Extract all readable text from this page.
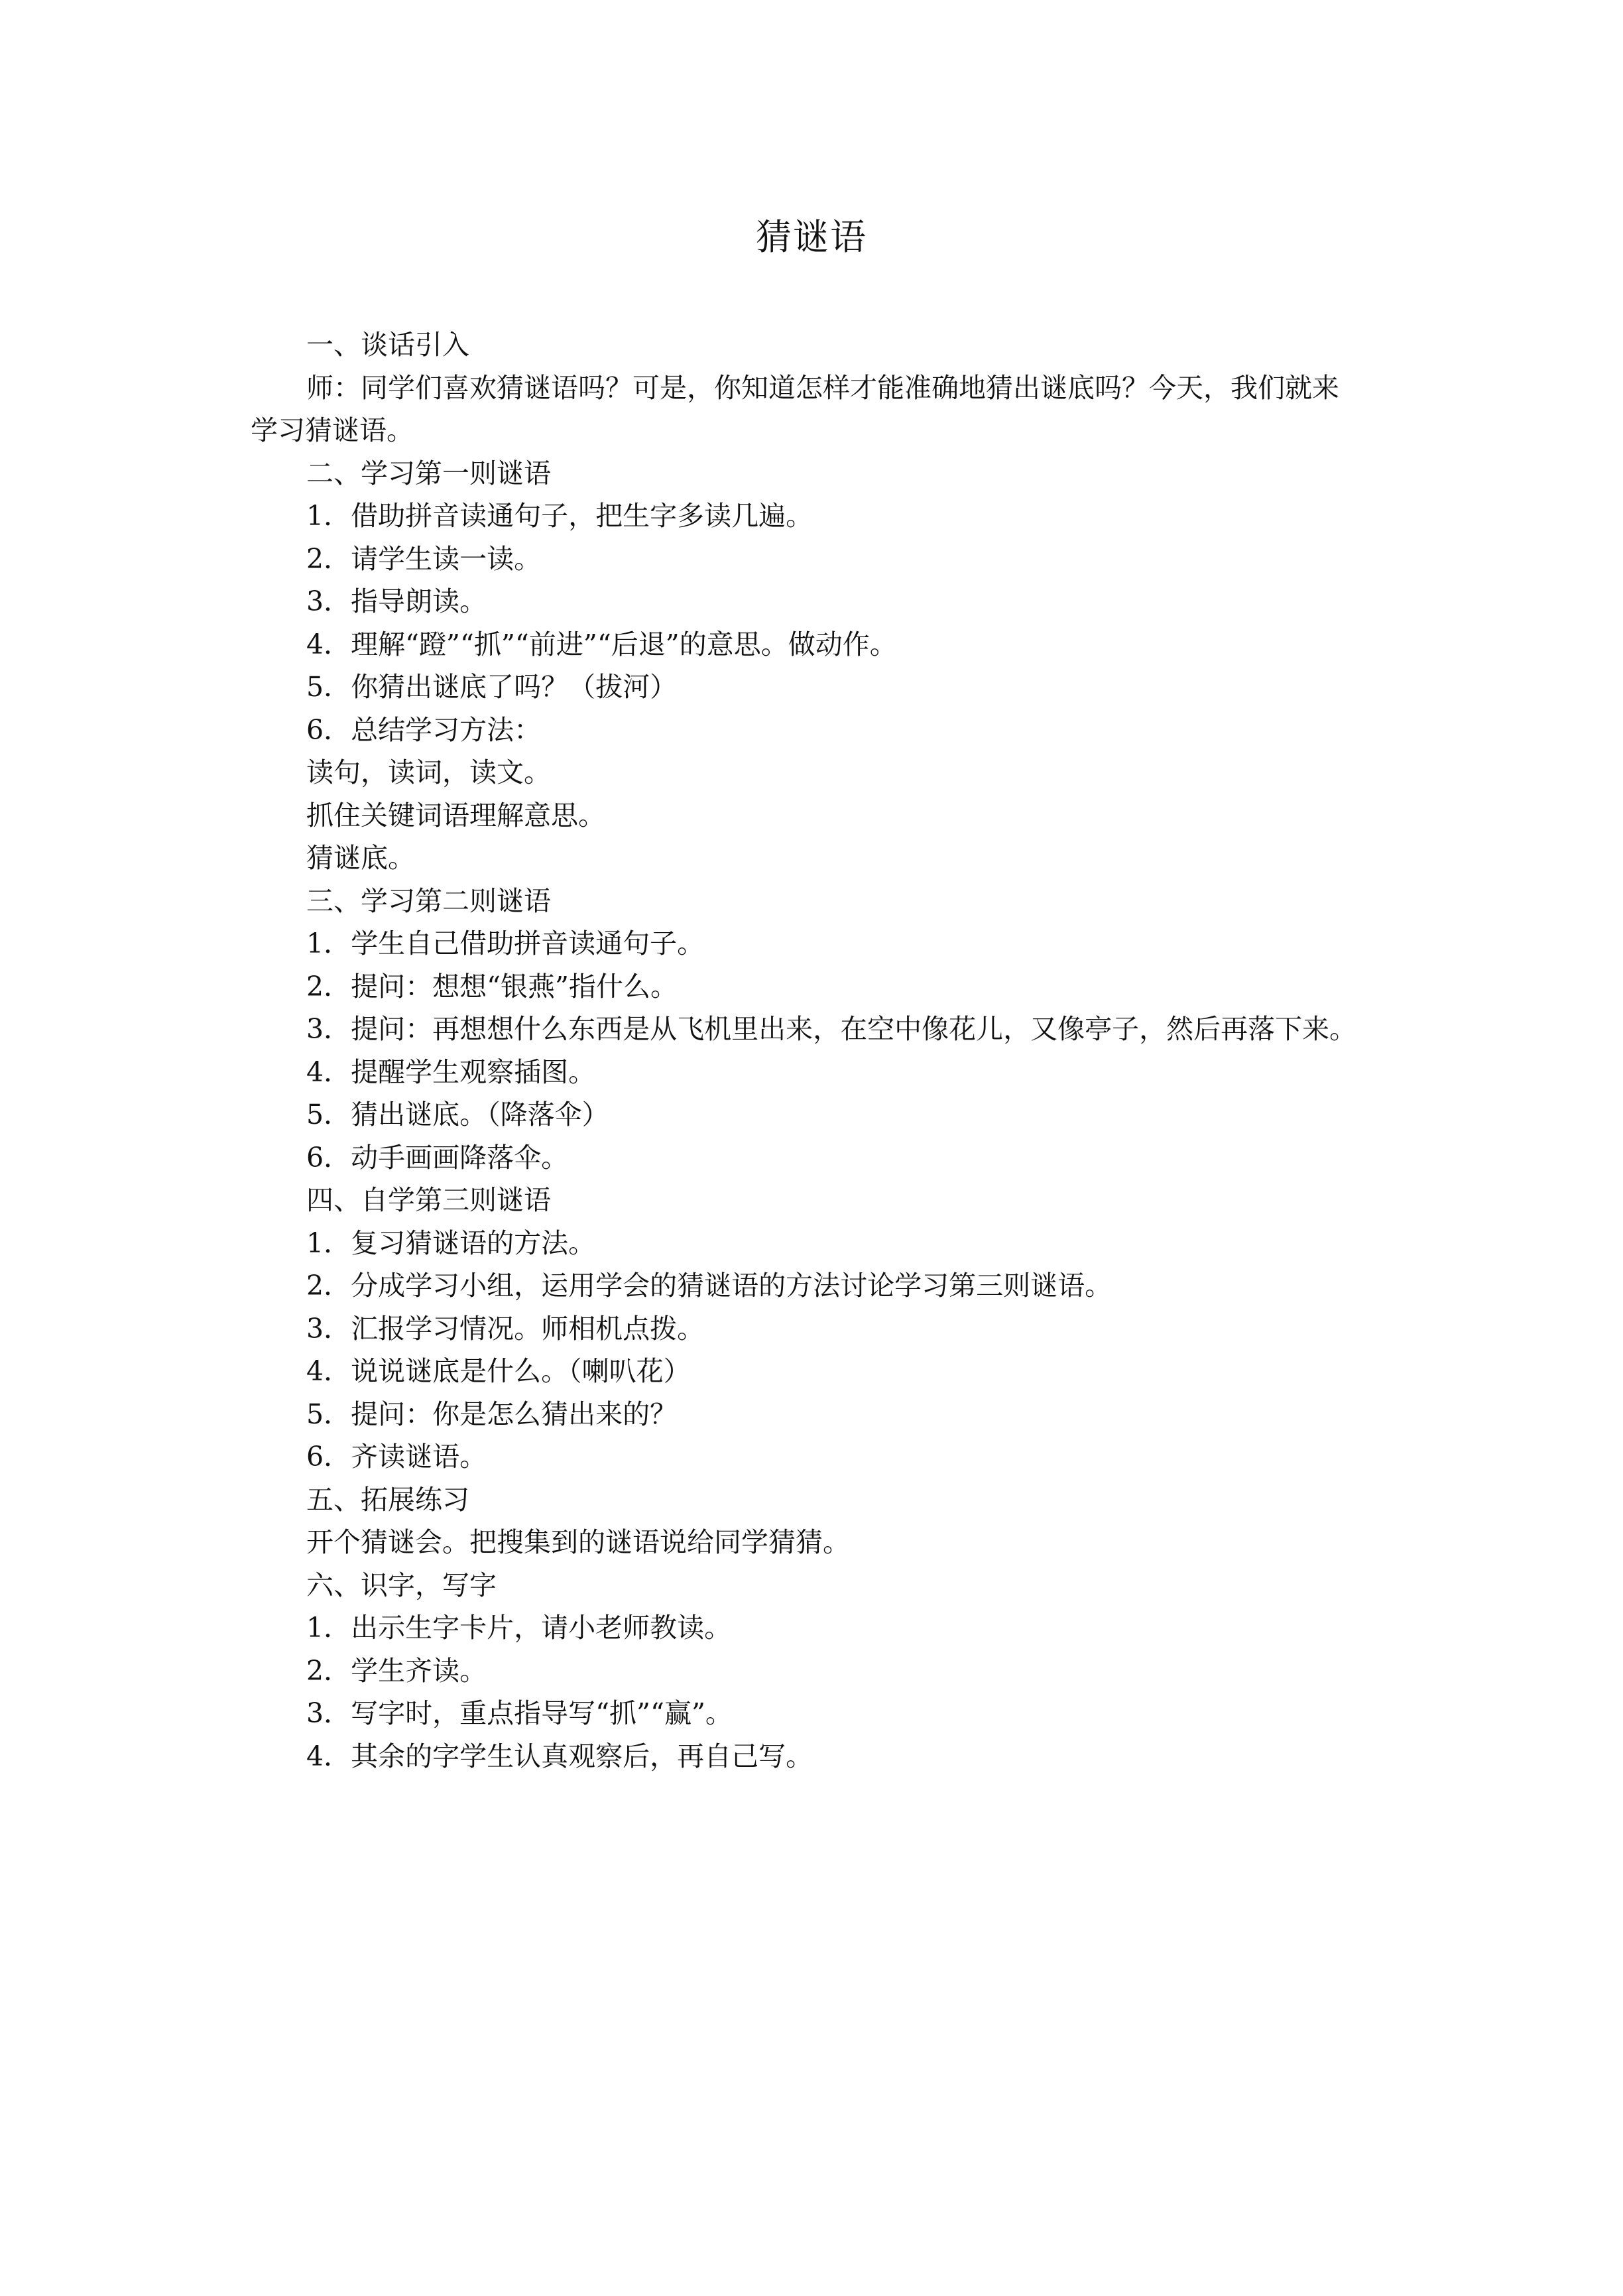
猜谜语

一、谈话引入

师：同学们喜欢猜谜语吗？可是，你知道怎样才能准确地猜出谜底吗？今天，我们就来

学习猜谜语。

二、学习第一则谜语

1．借助拼音读通句子，把生字多读几遍。

2．请学生读一读。

3．指导朗读。

4．理解“蹬”“抓”“前进”“后退”的意思。做动作。

5．你猜出谜底了吗？（拔河）

6．总结学习方法：

读句，读词，读文。

抓住关键词语理解意思。

猜谜底。

三、学习第二则谜语

1．学生自己借助拼音读通句子。

2．提问：想想“银燕”指什么。

3．提问：再想想什么东西是从飞机里出来，在空中像花儿，又像亭子，然后再落下来。

4．提醒学生观察插图。

5．猜出谜底。（降落伞）

6．动手画画降落伞。

四、自学第三则谜语

1．复习猜谜语的方法。

2．分成学习小组，运用学会的猜谜语的方法讨论学习第三则谜语。

3．汇报学习情况。师相机点拨。

4．说说谜底是什么。（喇叭花）

5．提问：你是怎么猜出来的？

6．齐读谜语。

五、拓展练习

开个猜谜会。把搜集到的谜语说给同学猜猜。

六、识字，写字

1．出示生字卡片，请小老师教读。

2．学生齐读。

3．写字时，重点指导写“抓”“赢”。

4．其余的字学生认真观察后，再自己写。
